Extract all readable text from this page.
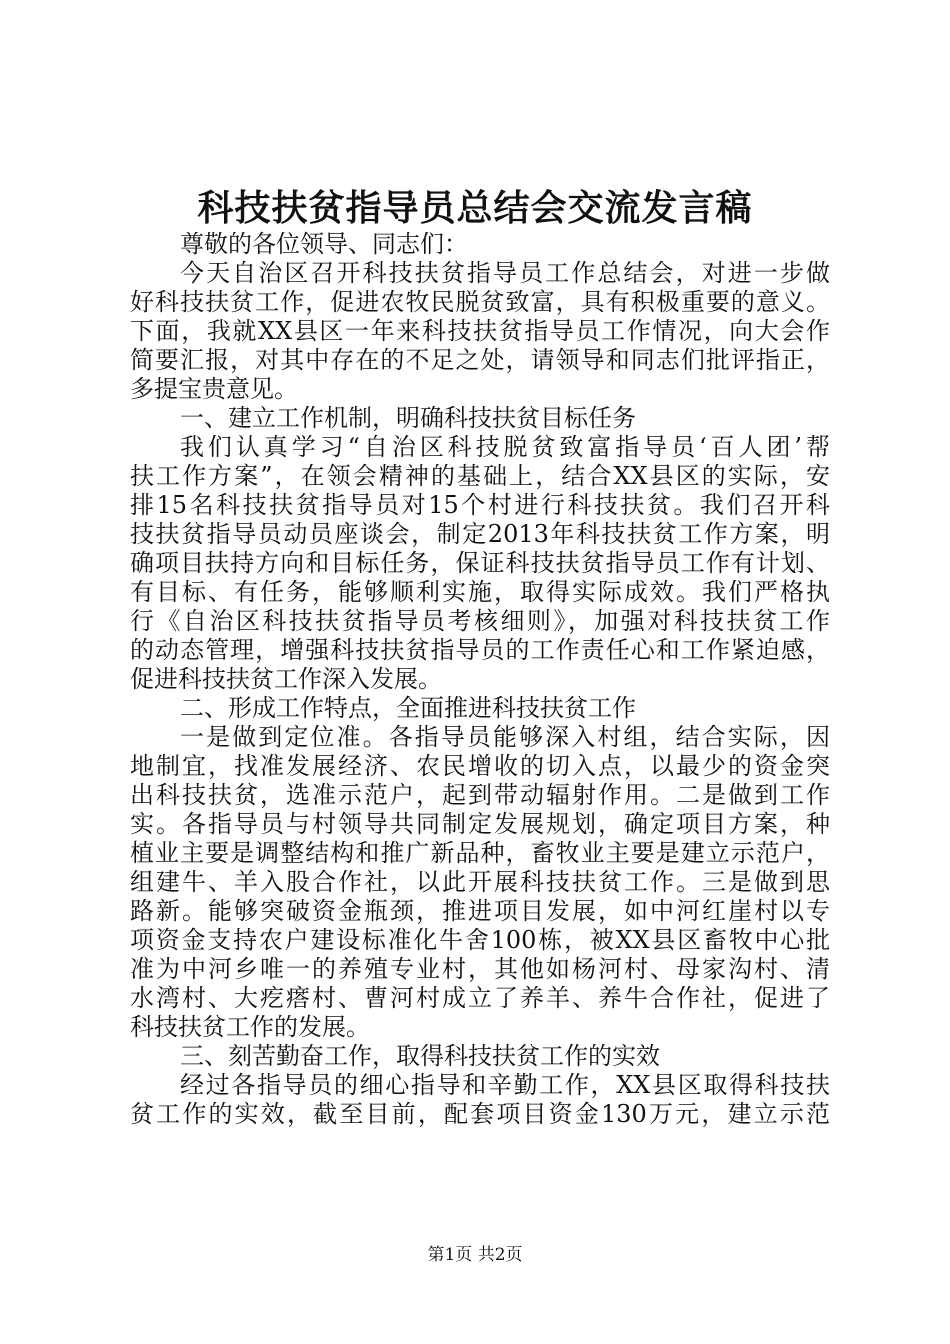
科技扶贫指导员总结会交流发言稿
尊敬的各位领导、同志们：
今天自治区召开科技扶贫指导员工作总结会，对进一步做
好科技扶贫工作，促进农牧民脱贫致富，具有积极重要的意义。
下面，我就XX县区一年来科技扶贫指导员工作情况，向大会作
简要汇报，对其中存在的不足之处，请领导和同志们批评指正，
多提宝贵意见。
一、建立工作机制，明确科技扶贫目标任务
我们认真学习“自治区科技脱贫致富指导员‘百人团’帮
扶工作方案”，在领会精神的基础上，结合XX县区的实际，安
排15名科技扶贫指导员对15个村进行科技扶贫。我们召开科
技扶贫指导员动员座谈会，制定2013年科技扶贫工作方案，明
确项目扶持方向和目标任务，保证科技扶贫指导员工作有计划、
有目标、有任务，能够顺利实施，取得实际成效。我们严格执
行《自治区科技扶贫指导员考核细则》，加强对科技扶贫工作
的动态管理，增强科技扶贫指导员的工作责任心和工作紧迫感，
促进科技扶贫工作深入发展。
二、形成工作特点，全面推进科技扶贫工作
一是做到定位准。各指导员能够深入村组，结合实际，因
地制宜，找准发展经济、农民增收的切入点，以最少的资金突
出科技扶贫，选准示范户，起到带动辐射作用。二是做到工作
实。各指导员与村领导共同制定发展规划，确定项目方案，种
植业主要是调整结构和推广新品种，畜牧业主要是建立示范户，
组建牛、羊入股合作社，以此开展科技扶贫工作。三是做到思
路新。能够突破资金瓶颈，推进项目发展，如中河红崖村以专
项资金支持农户建设标准化牛舍100栋，被XX县区畜牧中心批
准为中河乡唯一的养殖专业村，其他如杨河村、母家沟村、清
水湾村、大疙瘩村、曹河村成立了养羊、养牛合作社，促进了
科技扶贫工作的发展。
三、刻苦勤奋工作，取得科技扶贫工作的实效
经过各指导员的细心指导和辛勤工作，XX县区取得科技扶
贫工作的实效，截至目前，配套项目资金130万元，建立示范
第1页 共2页
